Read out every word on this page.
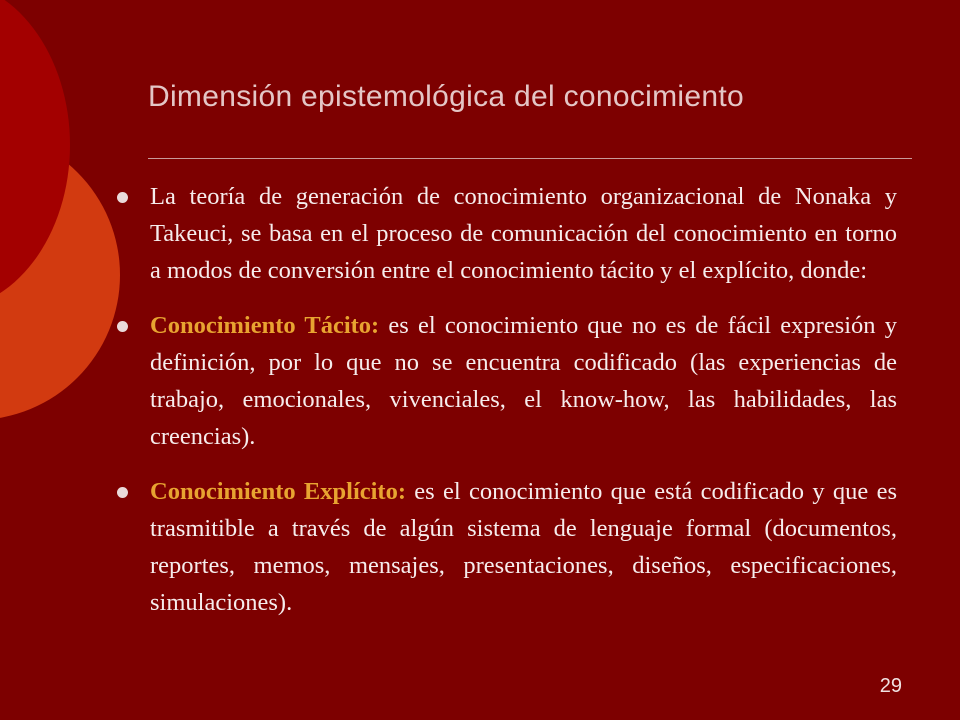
Dimensión epistemológica del conocimiento
La teoría de generación de conocimiento organizacional de Nonaka y Takeuci, se basa en el proceso de comunicación del conocimiento en torno a modos de conversión entre el conocimiento tácito y el explícito, donde:
Conocimiento Tácito: es el conocimiento que no es de fácil expresión y definición, por lo que no se encuentra codificado (las experiencias de trabajo, emocionales, vivenciales, el know-how, las habilidades, las creencias).
Conocimiento Explícito: es el conocimiento que está codificado y que es trasmitible a través de algún sistema de lenguaje formal (documentos, reportes, memos, mensajes, presentaciones, diseños, especificaciones, simulaciones).
29
